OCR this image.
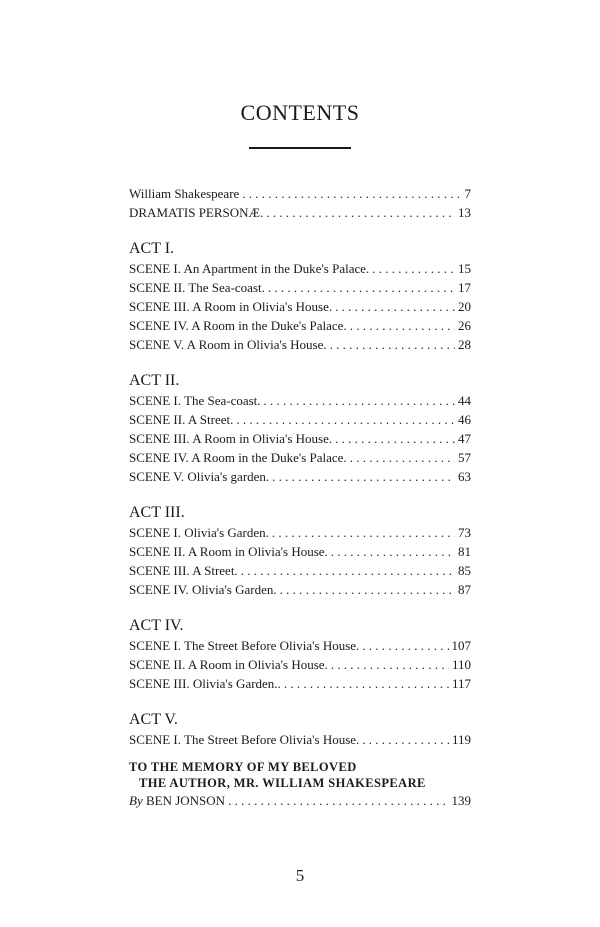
CONTENTS
William Shakespeare . . .	7
DRAMATIS PERSONÆ. . . .	13
ACT I.
SCENE I. An Apartment in the Duke's Palace. . . .	15
SCENE II. The Sea-coast. . . .	17
SCENE III. A Room in Olivia's House. . . .	20
SCENE IV. A Room in the Duke's Palace. . . .	26
SCENE V. A Room in Olivia's House. . . .	28
ACT II.
SCENE I. The Sea-coast. . . .	44
SCENE II. A Street. . . .	46
SCENE III. A Room in Olivia's House. . . .	47
SCENE IV. A Room in the Duke's Palace. . . .	57
SCENE V. Olivia's garden. . . .	63
ACT III.
SCENE I. Olivia's Garden. . . .	73
SCENE II. A Room in Olivia's House. . . .	81
SCENE III. A Street. . . .	85
SCENE IV. Olivia's Garden. . . .	87
ACT IV.
SCENE I. The Street Before Olivia's House. . . .	107
SCENE II. A Room in Olivia's House. . . .	110
SCENE III. Olivia's Garden.. . . .	117
ACT V.
SCENE I. The Street Before Olivia's House. . . .	119
TO THE MEMORY OF MY BELOVED
THE AUTHOR, MR. WILLIAM SHAKESPEARE
By BEN JONSON . . .	139
5
